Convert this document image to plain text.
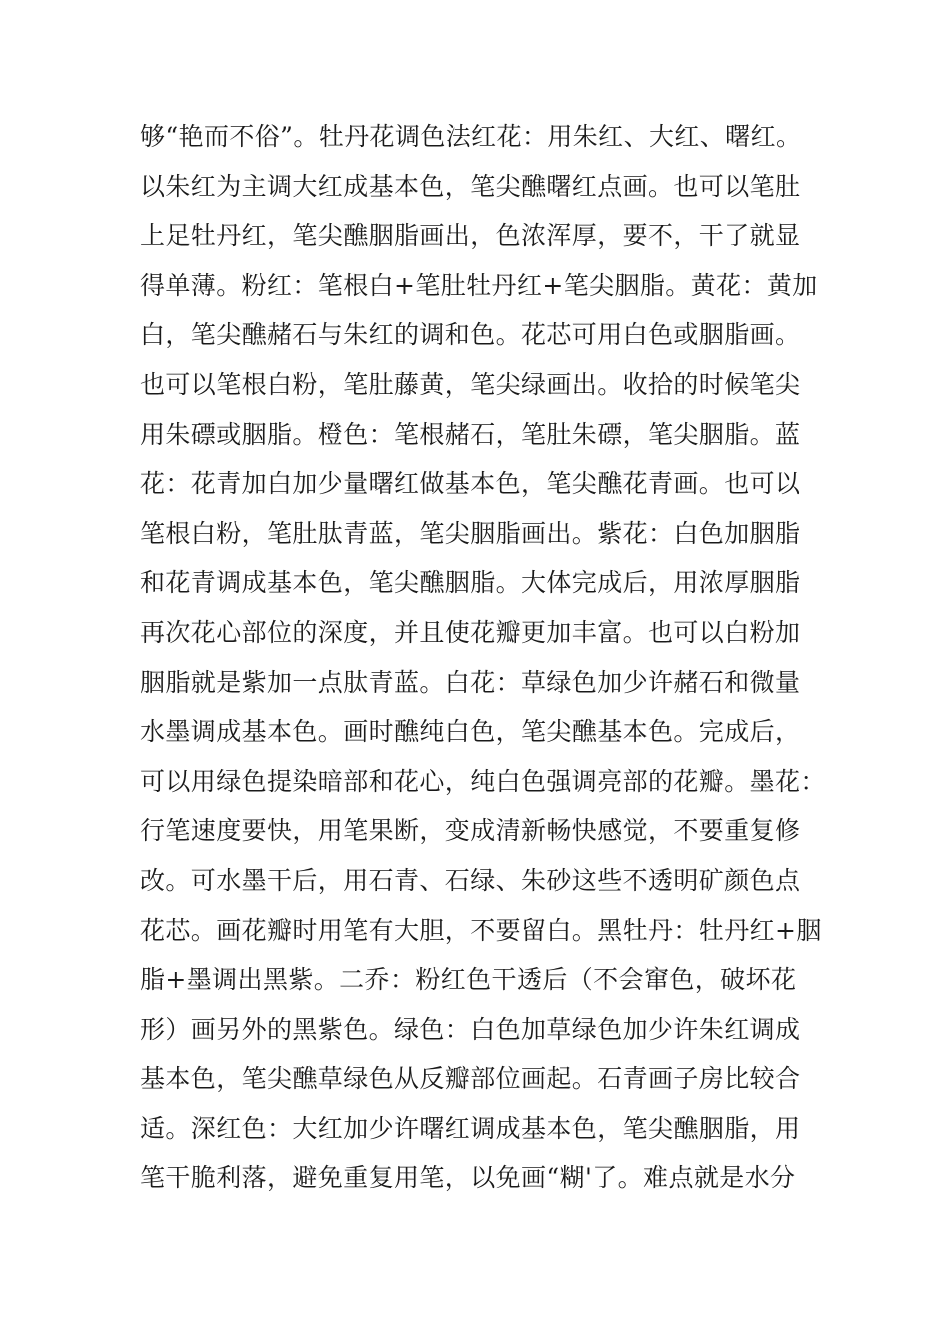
够“艳而不俗”。牡丹花调色法红花：用朱红、大红、曙红。
以朱红为主调大红成基本色，笔尖醮曙红点画。也可以笔肚
上足牡丹红，笔尖醮胭脂画出，色浓浑厚，要不，干了就显
得单薄。粉红：笔根白+笔肚牡丹红+笔尖胭脂。黄花：黄加
白，笔尖醮赭石与朱红的调和色。花芯可用白色或胭脂画。
也可以笔根白粉，笔肚藤黄，笔尖绿画出。收拾的时候笔尖
用朱磦或胭脂。橙色：笔根赭石，笔肚朱磦，笔尖胭脂。蓝
花：花青加白加少量曙红做基本色，笔尖醮花青画。也可以
笔根白粉，笔肚肽青蓝，笔尖胭脂画出。紫花：白色加胭脂
和花青调成基本色，笔尖醮胭脂。大体完成后，用浓厚胭脂
再次花心部位的深度，并且使花瓣更加丰富。也可以白粉加
胭脂就是紫加一点肽青蓝。白花：草绿色加少许赭石和微量
水墨调成基本色。画时醮纯白色，笔尖醮基本色。完成后，
可以用绿色提染暗部和花心，纯白色强调亮部的花瓣。墨花：
行笔速度要快，用笔果断，变成清新畅快感觉，不要重复修
改。可水墨干后，用石青、石绿、朱砂这些不透明矿颜色点
花芯。画花瓣时用笔有大胆，不要留白。黑牡丹：牡丹红+胭
脂+墨调出黑紫。二乔：粉红色干透后（不会窜色，破坏花
形）画另外的黑紫色。绿色：白色加草绿色加少许朱红调成
基本色，笔尖醮草绿色从反瓣部位画起。石青画子房比较合
适。深红色：大红加少许曙红调成基本色，笔尖醮胭脂，用
笔干脆利落，避免重复用笔，以免画“糊'了。难点就是水分
